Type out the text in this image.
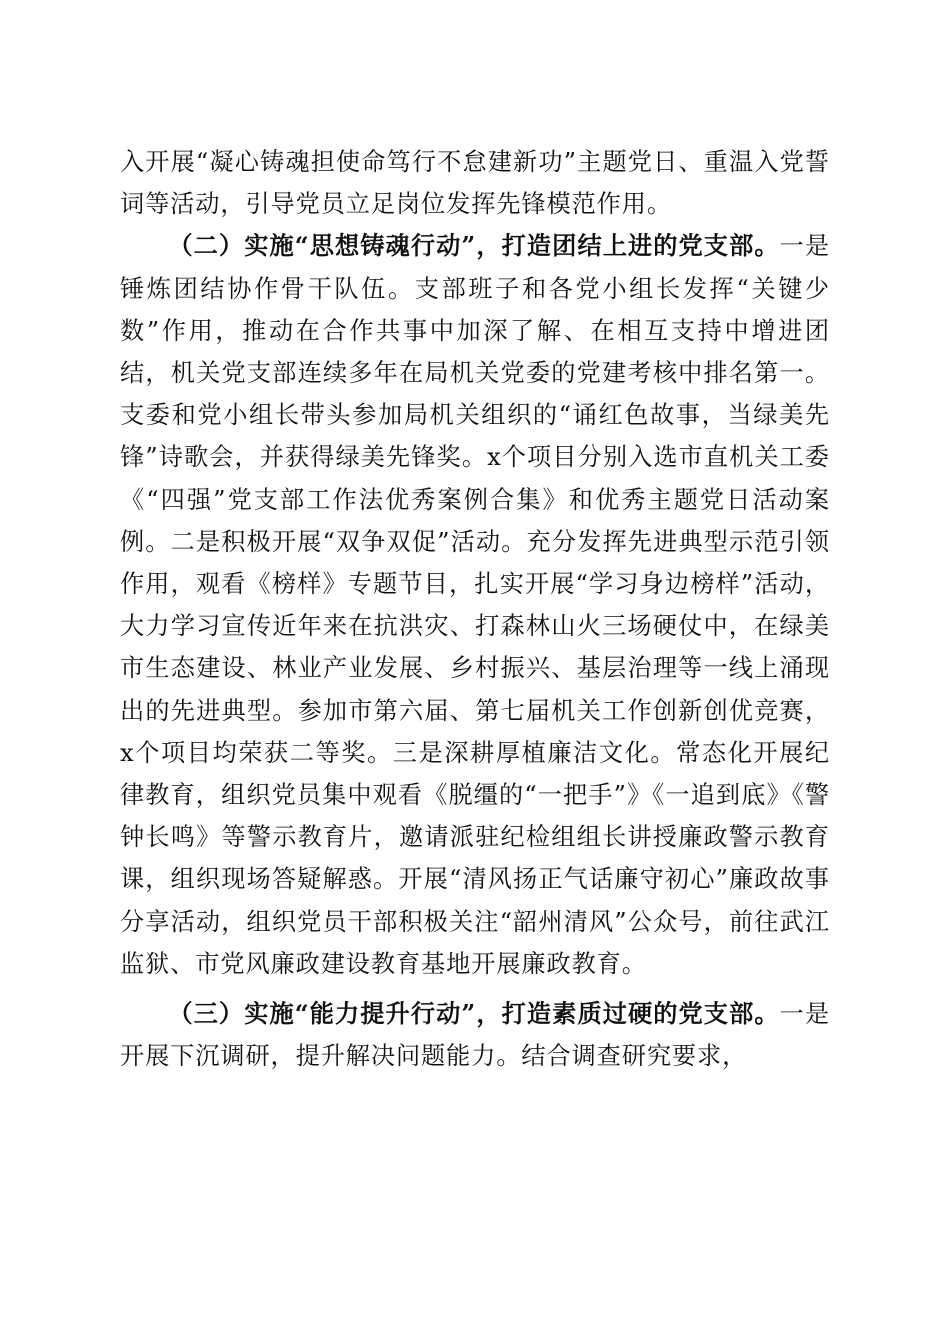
入开展“凝心铸魂担使命笃行不怠建新功”主题党日、重温入党誓词等活动，引导党员立足岗位发挥先锋模范作用。

（二）实施“思想铸魂行动”，打造团结上进的党支部。一是锤炼团结协作骨干队伍。支部班子和各党小组长发挥“关键少数”作用，推动在合作共事中加深了解、在相互支持中增进团结，机关党支部连续多年在局机关党委的党建考核中排名第一。支委和党小组长带头参加局机关组织的“诵红色故事，当绿美先锋”诗歌会，并获得绿美先锋奖。x个项目分别入选市直机关工委《“四强”党支部工作法优秀案例合集》和优秀主题党日活动案例。二是积极开展“双争双促”活动。充分发挥先进典型示范引领作用，观看《榜样》专题节目，扎实开展“学习身边榜样”活动，大力学习宣传近年来在抗洪灾、打森林山火三场硬仗中，在绿美市生态建设、林业产业发展、乡村振兴、基层治理等一线上涌现出的先进典型。参加市第六届、第七届机关工作创新创优竞赛，x个项目均荣获二等奖。三是深耕厚植廉洁文化。常态化开展纪律教育，组织党员集中观看《脱缰的“一把手”》《一追到底》《警钟长鸣》等警示教育片，邀请派驻纪检组组长讲授廉政警示教育课，组织现场答疑解惑。开展“清风扬正气话廉守初心”廉政故事分享活动，组织党员干部积极关注“韶州清风”公众号，前往武江监狱、市党风廉政建设教育基地开展廉政教育。

（三）实施“能力提升行动”，打造素质过硬的党支部。一是开展下沉调研，提升解决问题能力。结合调查研究要求，
